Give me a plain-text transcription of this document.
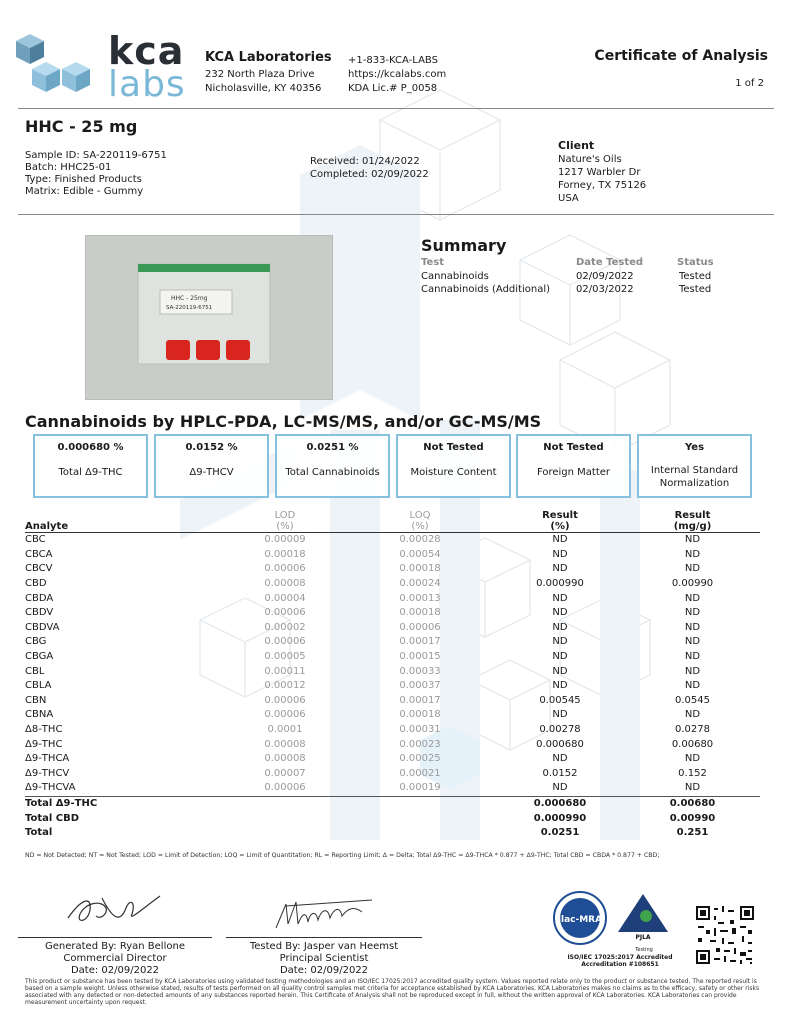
kca
labs
KCA Laboratories
232 North Plaza Drive
Nicholasville, KY 40356
+1-833-KCA-LABS
https://kcalabs.com
KDA Lic.# P_0058
Certificate of Analysis
1 of 2
HHC - 25 mg
Sample ID: SA-220119-6751
Batch: HHC25-01
Type: Finished Products
Matrix: Edible - Gummy
Received: 01/24/2022
Completed: 02/09/2022
Client
Nature's Oils
1217 Warbler Dr
Forney, TX 75126
USA
HHC - 25mg
SA-220119-6751
Summary
Test	Date Tested	Status
Cannabinoids	02/09/2022	Tested
Cannabinoids (Additional)	02/03/2022	Tested
Cannabinoids by HPLC-PDA, LC-MS/MS, and/or GC-MS/MS
0.000680 %
Total Δ9-THC
0.0152 %
Δ9-THCV
0.0251 %
Total Cannabinoids
Not Tested
Moisture Content
Not Tested
Foreign Matter
Yes
Internal Standard Normalization
Analyte	LOD	LOQ	Result	Result
	(%)	(%)	(%)	(mg/g)
CBC	0.00009	0.00028	ND	ND
CBCA	0.00018	0.00054	ND	ND
CBCV	0.00006	0.00018	ND	ND
CBD	0.00008	0.00024	0.000990	0.00990
CBDA	0.00004	0.00013	ND	ND
CBDV	0.00006	0.00018	ND	ND
CBDVA	0.00002	0.00006	ND	ND
CBG	0.00006	0.00017	ND	ND
CBGA	0.00005	0.00015	ND	ND
CBL	0.00011	0.00033	ND	ND
CBLA	0.00012	0.00037	ND	ND
CBN	0.00006	0.00017	0.00545	0.0545
CBNA	0.00006	0.00018	ND	ND
Δ8-THC	0.0001	0.00031	0.00278	0.0278
Δ9-THC	0.00008	0.00023	0.000680	0.00680
Δ9-THCA	0.00008	0.00025	ND	ND
Δ9-THCV	0.00007	0.00021	0.0152	0.152
Δ9-THCVA	0.00006	0.00019	ND	ND
Total Δ9-THC			0.000680	0.00680
Total CBD			0.000990	0.00990
Total			0.0251	0.251
ND = Not Detected; NT = Not Tested; LOD = Limit of Detection; LOQ = Limit of Quantitation; RL = Reporting Limit; Δ = Delta; Total Δ9-THC = Δ9-THCA * 0.877 + Δ9-THC; Total CBD = CBDA * 0.877 + CBD;
Generated By: Ryan Bellone
Commercial Director
Date: 02/09/2022
Tested By: Jasper van Heemst
Principal Scientist
Date: 02/09/2022
ilac-MRA
PJLA
Testing
ISO/IEC 17025:2017 Accredited
Accreditation #108651
This product or substance has been tested by KCA Laboratories using validated testing methodologies and an ISO/IEC 17025:2017 accredited quality system. Values reported relate only to the product or substance tested. The reported result is based on a sample weight. Unless otherwise stated, results of tests performed on all quality control samples met criteria for acceptance established by KCA Laboratories. KCA Laboratories makes no claims as to the efficacy, safety or other risks associated with any detected or non-detected amounts of any substances reported herein. This Certificate of Analysis shall not be reproduced except in full, without the written approval of KCA Laboratories. KCA Laboratories can provide measurement uncertainty upon request.
